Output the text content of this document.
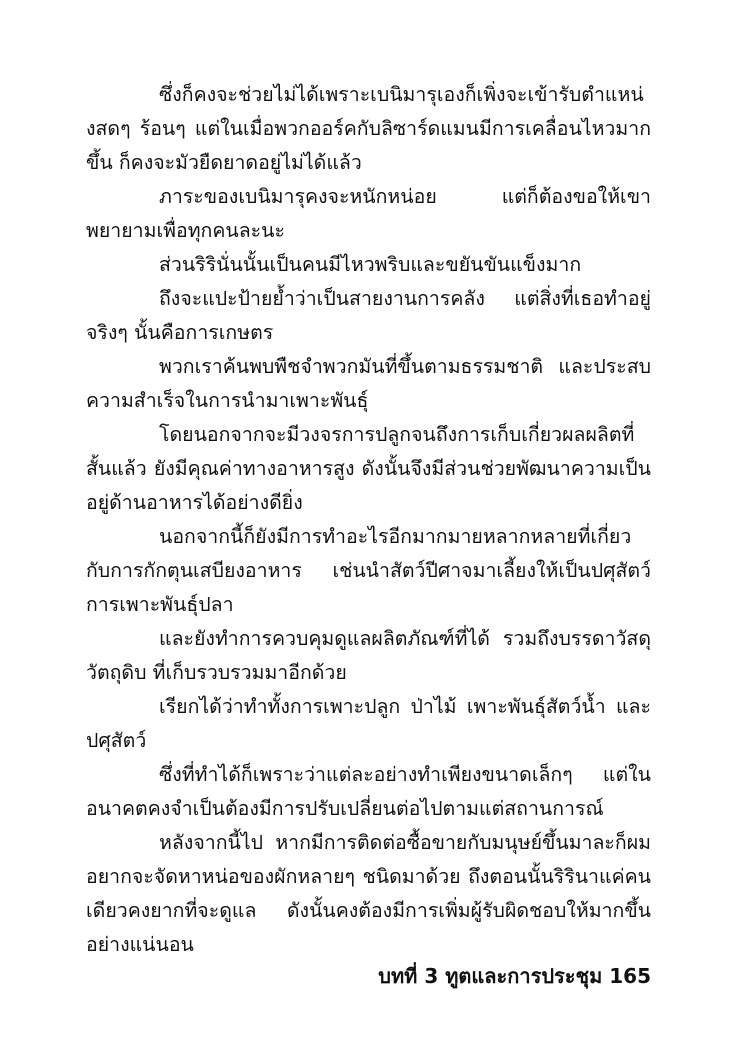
ซึ่งก็คงจะช่วยไม่ได้เพราะเบนิมารุเองก็เพิ่งจะเข้ารับตำแหน่งสดๆ ร้อนๆ แต่ในเมื่อพวกออร์คกับลิซาร์ดแมนมีการเคลื่อนไหวมากขึ้น ก็คงจะมัวยืดยาดอยู่ไม่ได้แล้ว

ภาระของเบนิมารุคงจะหนักหน่อย แต่ก็ต้องขอให้เขาพยายามเพื่อทุกคนละนะ

ส่วนริรินั่นนั้นเป็นคนมีไหวพริบและขยันขันแข็งมาก

ถึงจะแปะป้ายย้ำว่าเป็นสายงานการคลัง แต่สิ่งที่เธอทำอยู่จริงๆ นั้นคือการเกษตร

พวกเราค้นพบพืชจำพวกมันที่ขึ้นตามธรรมชาติ และประสบความสำเร็จในการนำมาเพาะพันธุ์

โดยนอกจากจะมีวงจรการปลูกจนถึงการเก็บเกี่ยวผลผลิตที่สั้นแล้ว ยังมีคุณค่าทางอาหารสูง ดังนั้นจึงมีส่วนช่วยพัฒนาความเป็นอยู่ด้านอาหารได้อย่างดียิ่ง

นอกจากนี้ก็ยังมีการทำอะไรอีกมากมายหลากหลายที่เกี่ยวกับการกักตุนเสบียงอาหาร เช่นนำสัตว์ปีศาจมาเลี้ยงให้เป็นปศุสัตว์ การเพาะพันธุ์ปลา

และยังทำการควบคุมดูแลผลิตภัณฑ์ที่ได้ รวมถึงบรรดาวัสดุวัตถุดิบ ที่เก็บรวบรวมมาอีกด้วย

เรียกได้ว่าทำทั้งการเพาะปลูก ป่าไม้ เพาะพันธุ์สัตว์น้ำ และปศุสัตว์

ซึ่งที่ทำได้ก็เพราะว่าแต่ละอย่างทำเพียงขนาดเล็กๆ แต่ในอนาคตคงจำเป็นต้องมีการปรับเปลี่ยนต่อไปตามแต่สถานการณ์

หลังจากนี้ไป หากมีการติดต่อซื้อขายกับมนุษย์ขึ้นมาละก็ผมอยากจะจัดหาหน่อของผักหลายๆ ชนิดมาด้วย ถึงตอนนั้นริรินาแค่คนเดียวคงยากที่จะดูแล ดังนั้นคงต้องมีการเพิ่มผู้รับผิดชอบให้มากขึ้นอย่างแน่นอน

บทที่ 3 ทูตและการประชุม 165
